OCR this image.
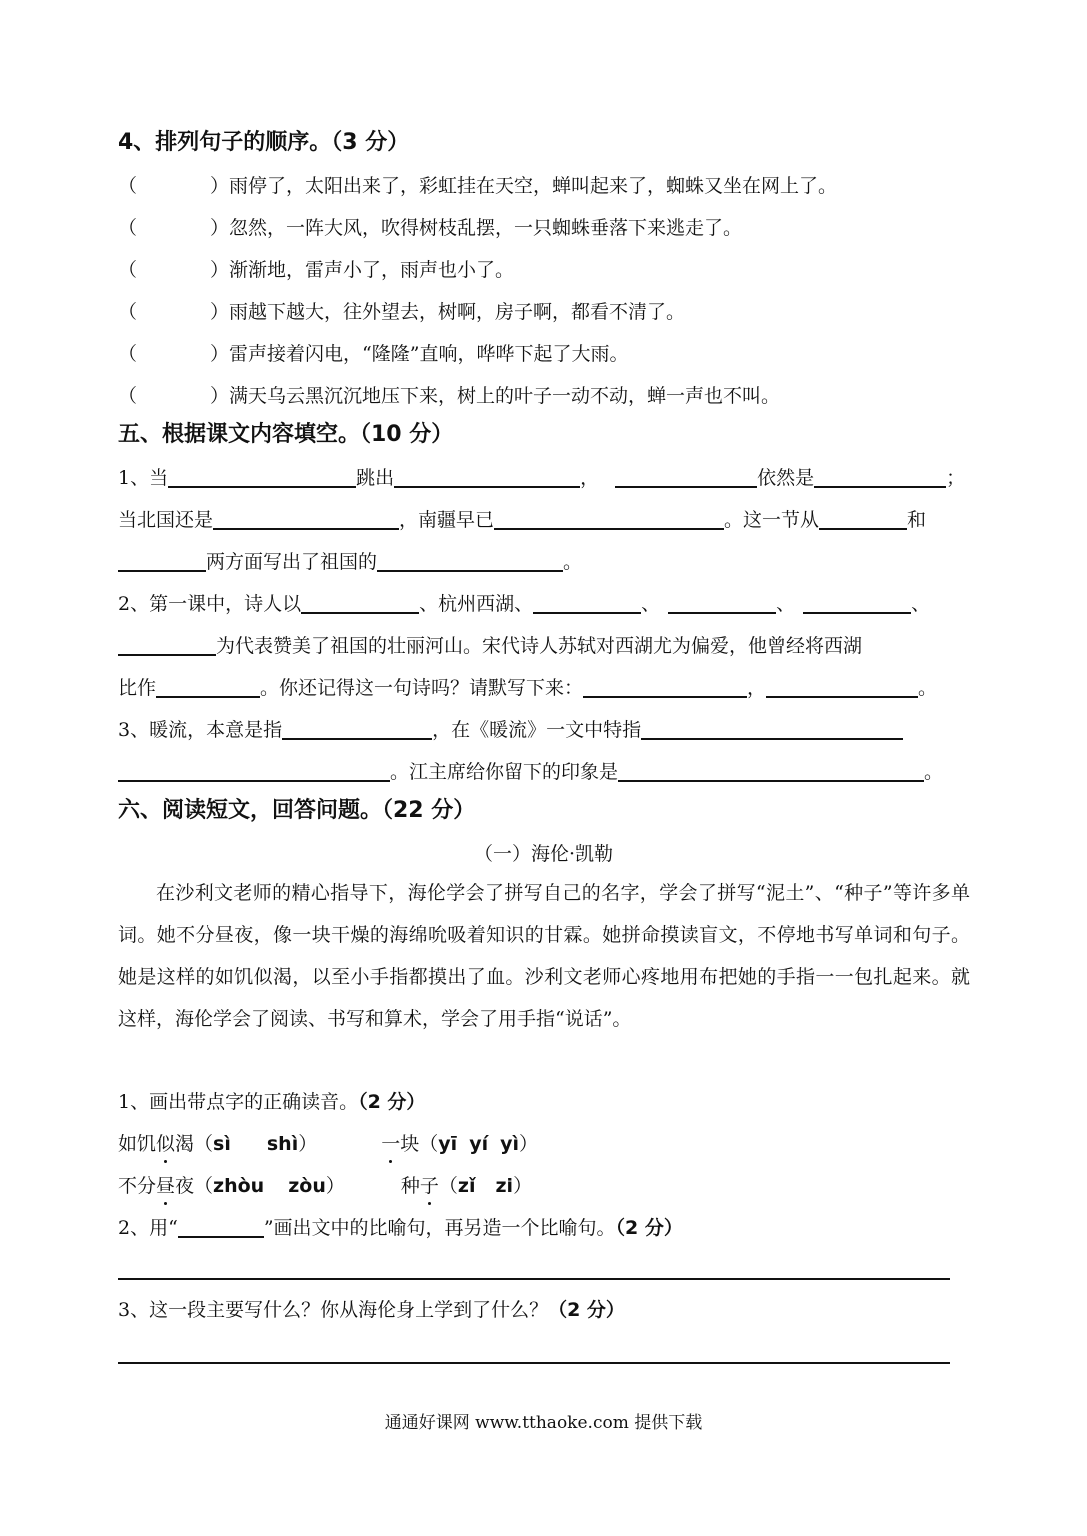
4、排列句子的顺序。（3 分）
（	）雨停了，太阳出来了，彩虹挂在天空，蝉叫起来了，蜘蛛又坐在网上了。
（	）忽然，一阵大风，吹得树枝乱摆，一只蜘蛛垂落下来逃走了。
（	）渐渐地，雷声小了，雨声也小了。
（	）雨越下越大，往外望去，树啊，房子啊，都看不清了。
（	）雷声接着闪电，“隆隆”直响，哗哗下起了大雨。
（	）满天乌云黑沉沉地压下来，树上的叶子一动不动，蝉一声也不叫。
五、根据课文内容填空。（10 分）
1、当	跳出	，	依然是	；
当北国还是	，南疆早已	。这一节从	和
两方面写出了祖国的	。
2、第一课中，诗人以	、杭州西湖、	、	、	、
为代表赞美了祖国的壮丽河山。宋代诗人苏轼对西湖尤为偏爱，他曾经将西湖
比作	。你还记得这一句诗吗？请默写下来：	，	。
3、暖流，本意是指	，在《暖流》一文中特指
。江主席给你留下的印象是	。
六、阅读短文，回答问题。（22 分）
（一）海伦·凯勒
在沙利文老师的精心指导下，海伦学会了拼写自己的名字，学会了拼写“泥土”、“种子”等许多单词。她不分昼夜，像一块干燥的海绵吮吸着知识的甘霖。她拼命摸读盲文，不停地书写单词和句子。她是这样的如饥似渴，以至小手指都摸出了血。沙利文老师心疼地用布把她的手指一一包扎起来。就这样，海伦学会了阅读、书写和算术，学会了用手指“说话”。
1、画出带点字的正确读音。（2 分）
如饥似渴（sì shì）	一块（yī yí yì）
不分昼夜（zhòu zòu）	种子（zǐ zi）
2、用“	”画出文中的比喻句，再另造一个比喻句。（2 分）
3、这一段主要写什么？你从海伦身上学到了什么？（2 分）
通通好课网 www.tthaoke.com 提供下载
